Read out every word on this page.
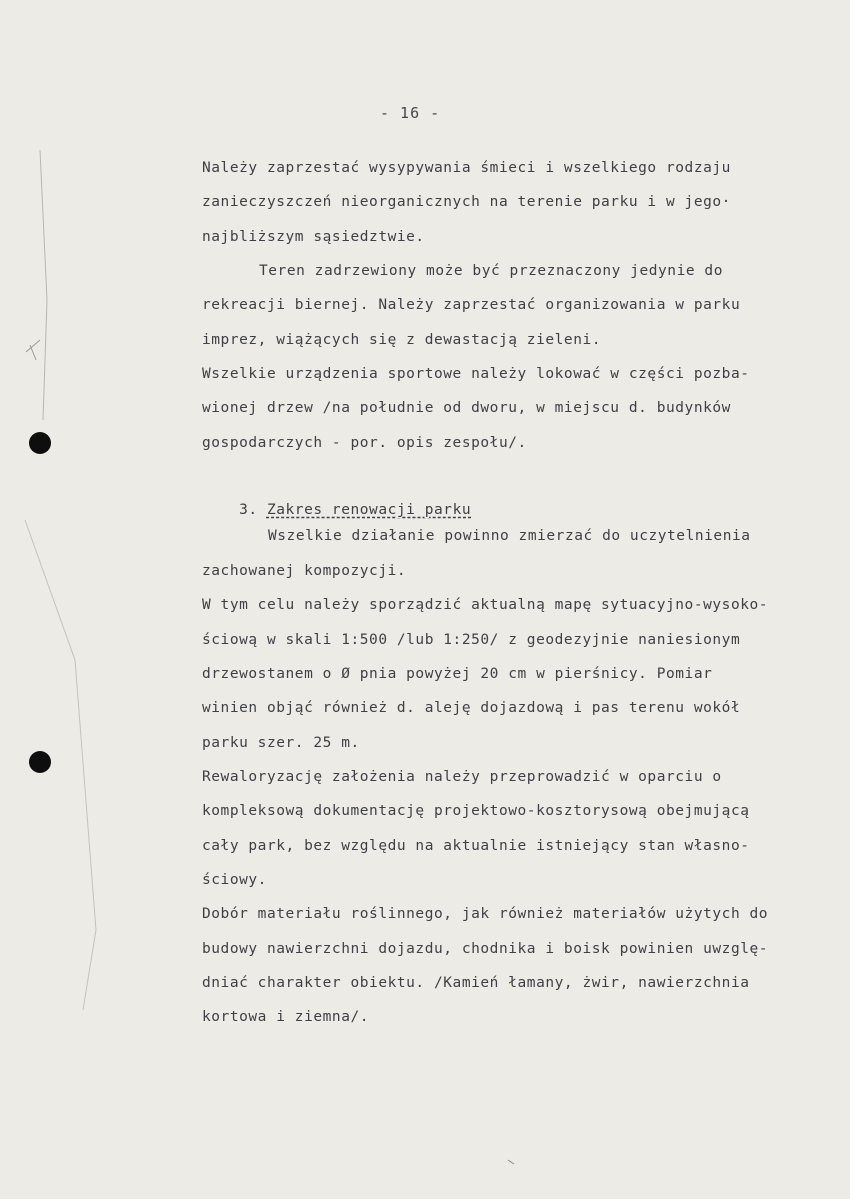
- 16 -
Należy zaprzestać wysypywania śmieci i wszelkiego rodzaju
zanieczyszczeń nieorganicznych na terenie parku i w jego·
najbliższym sąsiedztwie.
Teren zadrzewiony może być przeznaczony jedynie do
rekreacji biernej. Należy zaprzestać organizowania w parku
imprez, wiążących się z dewastacją zieleni.
Wszelkie urządzenia sportowe należy lokować w części pozba-
wionej drzew /na południe od dworu, w miejscu d. budynków
gospodarczych - por. opis zespołu/.

3. Zakres renowacji parku

Wszelkie działanie powinno zmierzać do uczytelnienia
zachowanej kompozycji.
W tym celu należy sporządzić aktualną mapę sytuacyjno-wysoko-
ściową w skali 1:500 /lub 1:250/ z geodezyjnie naniesionym
drzewostanem o Ø pnia powyżej 20 cm w pierśnicy. Pomiar
winien objąć również d. aleję dojazdową i pas terenu wokół
parku szer. 25 m.
Rewaloryzację założenia należy przeprowadzić w oparciu o
kompleksową dokumentację projektowo-kosztorysową obejmującą
cały park, bez względu na aktualnie istniejący stan własno-
ściowy.
Dobór materiału roślinnego, jak również materiałów użytych do
budowy nawierzchni dojazdu, chodnika i boisk powinien uwzglę-
dniać charakter obiektu. /Kamień łamany, żwir, nawierzchnia
kortowa i ziemna/.
